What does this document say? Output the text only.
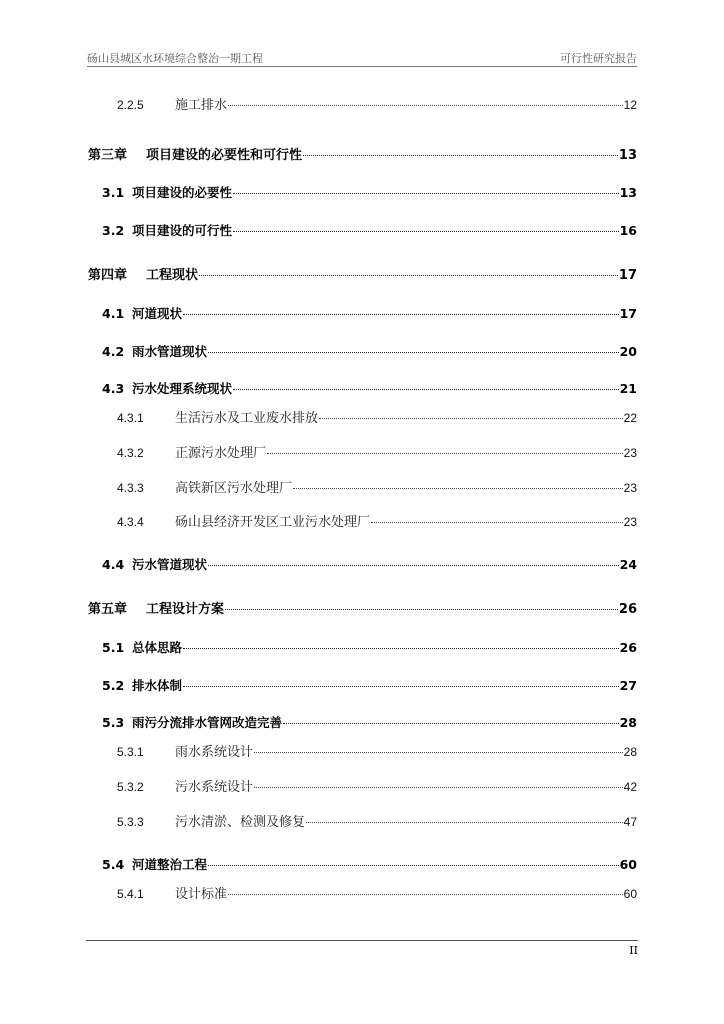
砀山县城区水环境综合整治一期工程	可行性研究报告
2.2.5	施工排水	12
第三章	项目建设的必要性和可行性	13
3.1 项目建设的必要性	13
3.2 项目建设的可行性	16
第四章	工程现状	17
4.1 河道现状	17
4.2 雨水管道现状	20
4.3 污水处理系统现状	21
4.3.1	生活污水及工业废水排放	22
4.3.2	正源污水处理厂	23
4.3.3	高铁新区污水处理厂	23
4.3.4	砀山县经济开发区工业污水处理厂	23
4.4 污水管道现状	24
第五章	工程设计方案	26
5.1 总体思路	26
5.2 排水体制	27
5.3 雨污分流排水管网改造完善	28
5.3.1	雨水系统设计	28
5.3.2	污水系统设计	42
5.3.3	污水清淤、检测及修复	47
5.4 河道整治工程	60
5.4.1	设计标准	60
II
